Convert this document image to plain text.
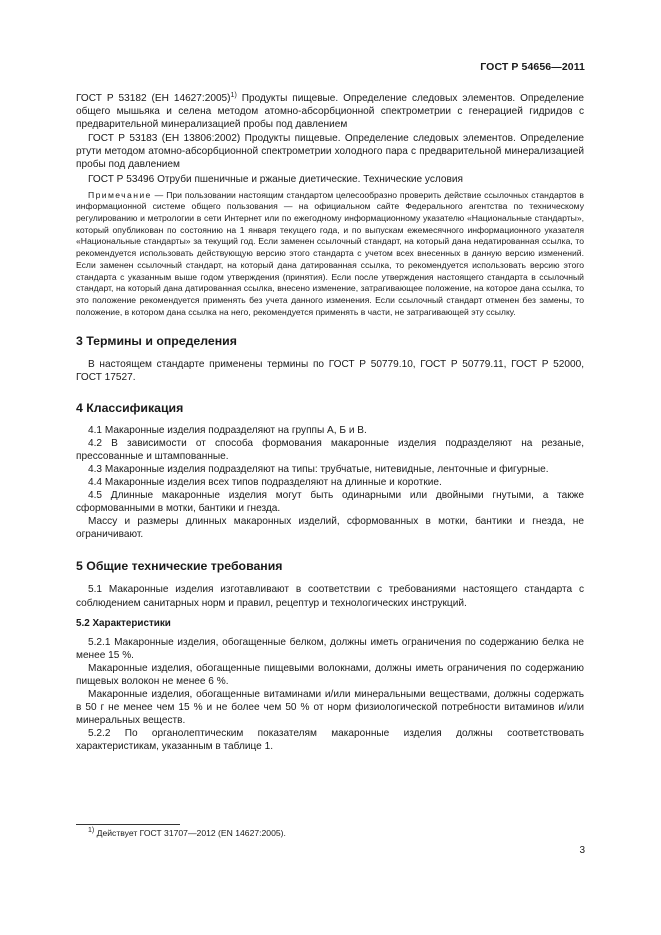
ГОСТ Р 54656—2011

ГОСТ Р 53182 (ЕН 14627:2005)$^{1)}$ Продукты пищевые. Определение следовых элементов. Определение общего мышьяка и селена методом атомно-абсорбционной спектрометрии с генерацией гидридов с предварительной минерализацией пробы под давлением

ГОСТ Р 53183 (ЕН 13806:2002) Продукты пищевые. Определение следовых элементов. Определение ртути методом атомно-абсорбционной спектрометрии холодного пара с предварительной минерализацией пробы под давлением

ГОСТ Р 53496 Отруби пшеничные и ржаные диетические. Технические условия

Примечание — При пользовании настоящим стандартом целесообразно проверить действие ссылочных стандартов в информационной системе общего пользования — на официальном сайте Федерального агентства по техническому регулированию и метрологии в сети Интернет или по ежегодному информационному указателю «Национальные стандарты», который опубликован по состоянию на 1 января текущего года, и по выпускам ежемесячного информационного указателя «Национальные стандарты» за текущий год. Если заменен ссылочный стандарт, на который дана недатированная ссылка, то рекомендуется использовать действующую версию этого стандарта с учетом всех внесенных в данную версию изменений. Если заменен ссылочный стандарт, на который дана датированная ссылка, то рекомендуется использовать версию этого стандарта с указанным выше годом утверждения (принятия). Если после утверждения настоящего стандарта в ссылочный стандарт, на который дана датированная ссылка, внесено изменение, затрагивающее положение, на которое дана ссылка, то это положение рекомендуется применять без учета данного изменения. Если ссылочный стандарт отменен без замены, то положение, в котором дана ссылка на него, рекомендуется применять в части, не затрагивающей эту ссылку.

3 Термины и определения

В настоящем стандарте применены термины по ГОСТ Р 50779.10, ГОСТ Р 50779.11, ГОСТ Р 52000, ГОСТ 17527.

4 Классификация

4.1 Макаронные изделия подразделяют на группы А, Б и В.

4.2 В зависимости от способа формования макаронные изделия подразделяют на резаные, прессованные и штампованные.

4.3 Макаронные изделия подразделяют на типы: трубчатые, нитевидные, ленточные и фигурные.

4.4 Макаронные изделия всех типов подразделяют на длинные и короткие.

4.5 Длинные макаронные изделия могут быть одинарными или двойными гнутыми, а также сформованными в мотки, бантики и гнезда.

Массу и размеры длинных макаронных изделий, сформованных в мотки, бантики и гнезда, не ограничивают.

5 Общие технические требования

5.1 Макаронные изделия изготавливают в соответствии с требованиями настоящего стандарта с соблюдением санитарных норм и правил, рецептур и технологических инструкций.

5.2 Характеристики

5.2.1 Макаронные изделия, обогащенные белком, должны иметь ограничения по содержанию белка не менее 15 %.

Макаронные изделия, обогащенные пищевыми волокнами, должны иметь ограничения по содержанию пищевых волокон не менее 6 %.

Макаронные изделия, обогащенные витаминами и/или минеральными веществами, должны содержать в 50 г не менее чем 15 % и не более чем 50 % от норм физиологической потребности витаминов и/или минеральных веществ.

5.2.2 По органолептическим показателям макаронные изделия должны соответствовать характеристикам, указанным в таблице 1.

$^{1)}$ Действует ГОСТ 31707—2012 (EN 14627:2005).
3
